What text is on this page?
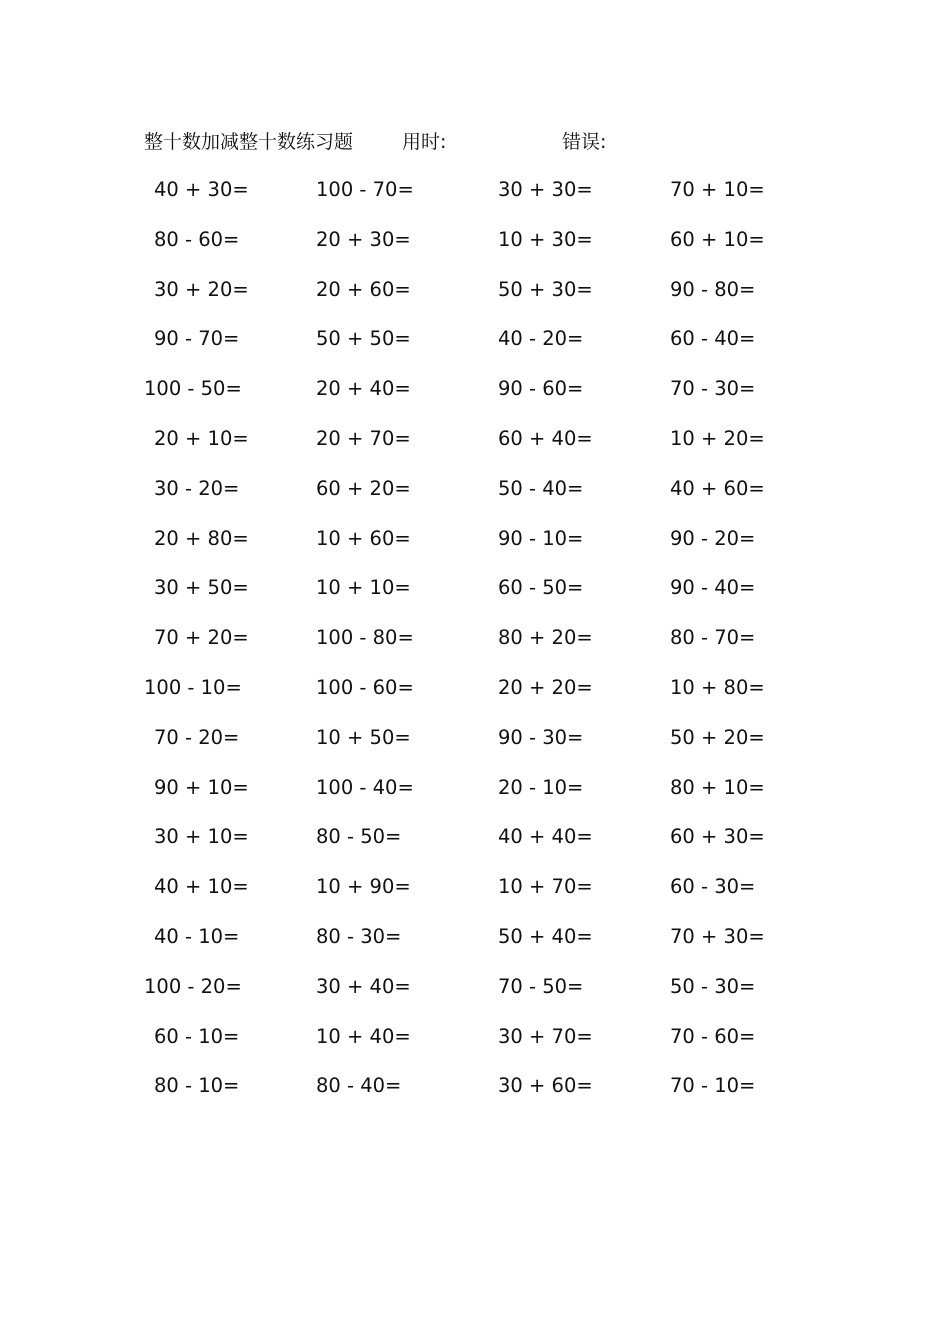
整十数加减整十数练习题	用时:	错误:
40 + 30=	100 - 70=	30 + 30=	70 + 10=
80 - 60=	20 + 30=	10 + 30=	60 + 10=
30 + 20=	20 + 60=	50 + 30=	90 - 80=
90 - 70=	50 + 50=	40 - 20=	60 - 40=
100 - 50=	20 + 40=	90 - 60=	70 - 30=
20 + 10=	20 + 70=	60 + 40=	10 + 20=
30 - 20=	60 + 20=	50 - 40=	40 + 60=
20 + 80=	10 + 60=	90 - 10=	90 - 20=
30 + 50=	10 + 10=	60 - 50=	90 - 40=
70 + 20=	100 - 80=	80 + 20=	80 - 70=
100 - 10=	100 - 60=	20 + 20=	10 + 80=
70 - 20=	10 + 50=	90 - 30=	50 + 20=
90 + 10=	100 - 40=	20 - 10=	80 + 10=
30 + 10=	80 - 50=	40 + 40=	60 + 30=
40 + 10=	10 + 90=	10 + 70=	60 - 30=
40 - 10=	80 - 30=	50 + 40=	70 + 30=
100 - 20=	30 + 40=	70 - 50=	50 - 30=
60 - 10=	10 + 40=	30 + 70=	70 - 60=
80 - 10=	80 - 40=	30 + 60=	70 - 10=
